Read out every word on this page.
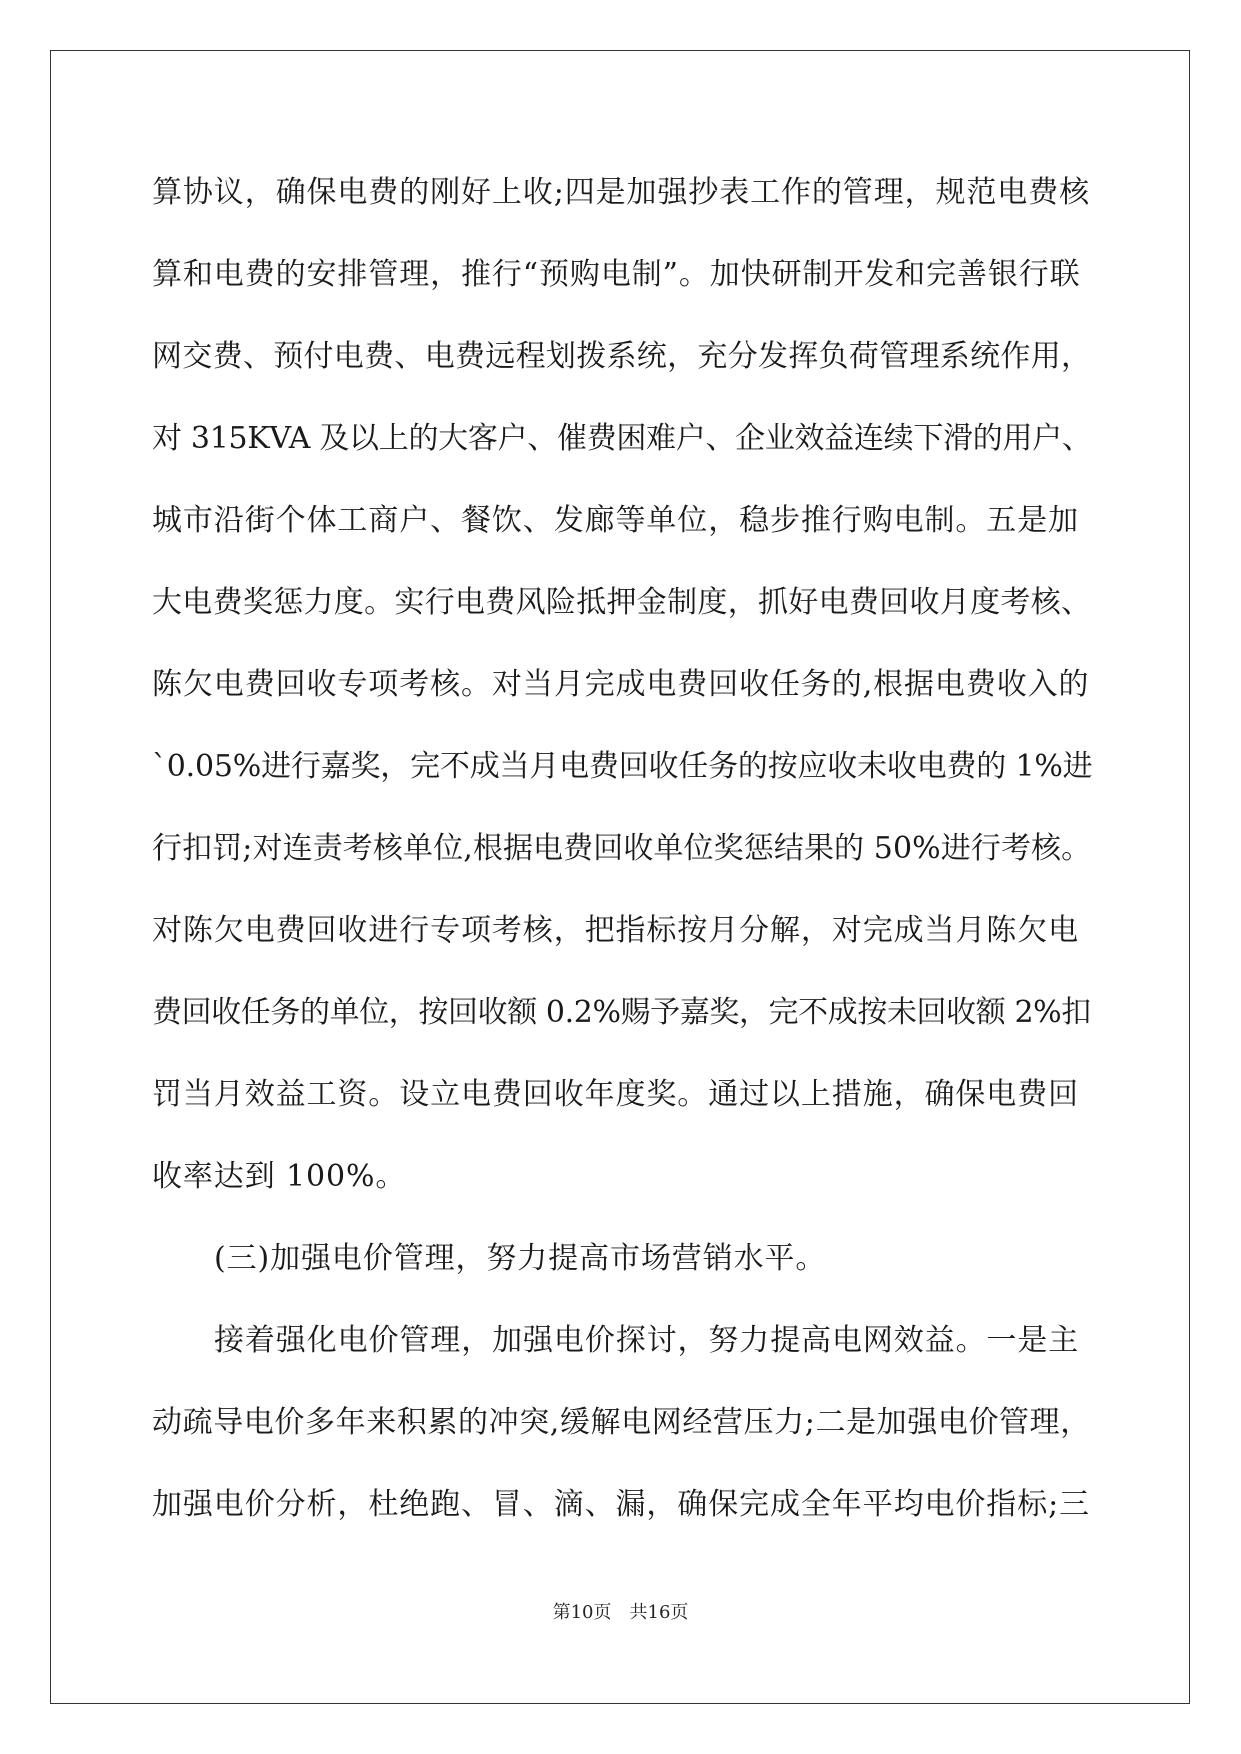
算协议，确保电费的刚好上收;四是加强抄表工作的管理，规范电费核
算和电费的安排管理，推行“预购电制”。加快研制开发和完善银行联
网交费、预付电费、电费远程划拨系统，充分发挥负荷管理系统作用，
对 315KVA 及以上的大客户、催费困难户、企业效益连续下滑的用户、
城市沿街个体工商户、餐饮、发廊等单位，稳步推行购电制。五是加
大电费奖惩力度。实行电费风险抵押金制度，抓好电费回收月度考核、
陈欠电费回收专项考核。对当月完成电费回收任务的,根据电费收入的
`0.05%进行嘉奖，完不成当月电费回收任务的按应收未收电费的 1%进
行扣罚;对连责考核单位,根据电费回收单位奖惩结果的 50%进行考核。
对陈欠电费回收进行专项考核，把指标按月分解，对完成当月陈欠电
费回收任务的单位，按回收额 0.2%赐予嘉奖，完不成按未回收额 2%扣
罚当月效益工资。设立电费回收年度奖。通过以上措施，确保电费回
收率达到 100%。
(三)加强电价管理，努力提高市场营销水平。
接着强化电价管理，加强电价探讨，努力提高电网效益。一是主
动疏导电价多年来积累的冲突,缓解电网经营压力;二是加强电价管理，
加强电价分析，杜绝跑、冒、滴、漏，确保完成全年平均电价指标;三
第10页 共16页
